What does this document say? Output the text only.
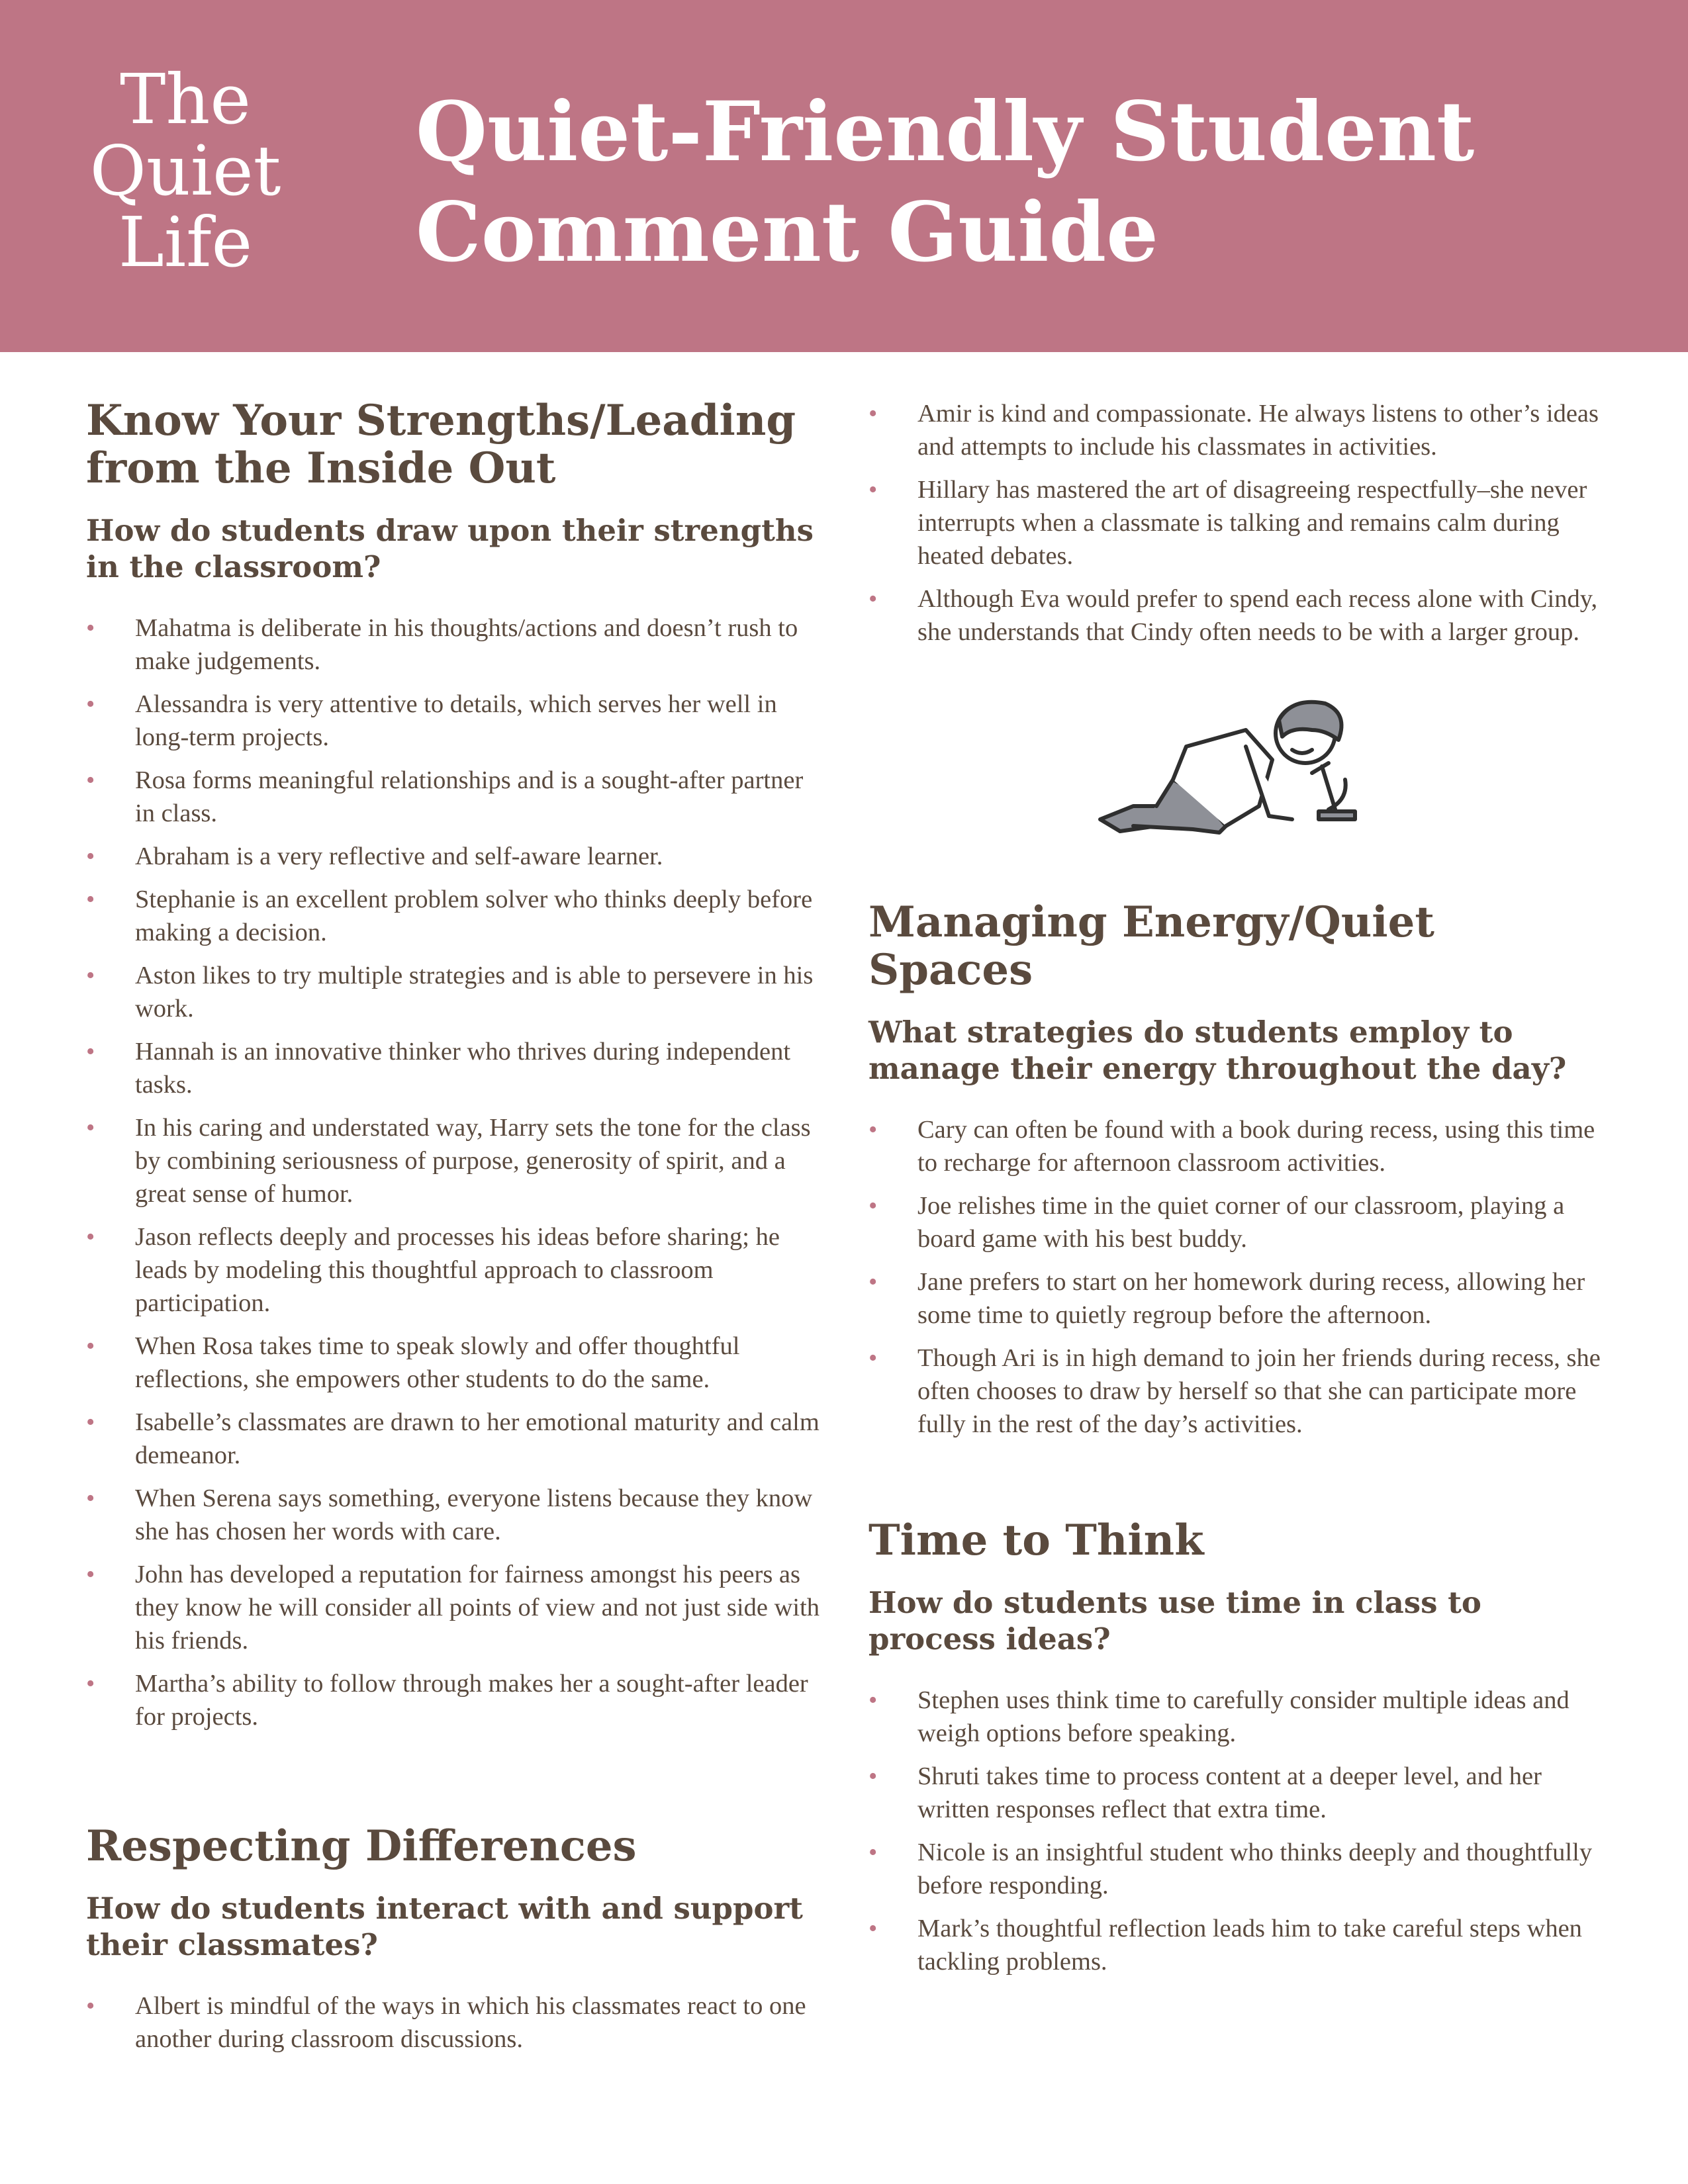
The
Quiet
Life
Quiet-Friendly Student
Comment Guide
Know Your Strengths/Leading from the Inside Out
How do students draw upon their strengths in the classroom?
• Mahatma is deliberate in his thoughts/actions and doesn’t rush to make judgements.
• Alessandra is very attentive to details, which serves her well in long-term projects.
• Rosa forms meaningful relationships and is a sought-after partner in class.
• Abraham is a very reflective and self-aware learner.
• Stephanie is an excellent problem solver who thinks deeply before making a decision.
• Aston likes to try multiple strategies and is able to persevere in his work.
• Hannah is an innovative thinker who thrives during independent tasks.
• In his caring and understated way, Harry sets the tone for the class by combining seriousness of purpose, generosity of spirit, and a great sense of humor.
• Jason reflects deeply and processes his ideas before sharing; he leads by modeling this thoughtful approach to classroom participation.
• When Rosa takes time to speak slowly and offer thoughtful reflections, she empowers other students to do the same.
• Isabelle’s classmates are drawn to her emotional maturity and calm demeanor.
• When Serena says something, everyone listens because they know she has chosen her words with care.
• John has developed a reputation for fairness amongst his peers as they know he will consider all points of view and not just side with his friends.
• Martha’s ability to follow through makes her a sought-after leader for projects.
Respecting Differences
How do students interact with and support their classmates?
• Albert is mindful of the ways in which his classmates react to one another during classroom discussions.
• Amir is kind and compassionate. He always listens to other’s ideas and attempts to include his classmates in activities.
• Hillary has mastered the art of disagreeing respectfully–she never interrupts when a classmate is talking and remains calm during heated debates.
• Although Eva would prefer to spend each recess alone with Cindy, she understands that Cindy often needs to be with a larger group.
Managing Energy/Quiet Spaces
What strategies do students employ to manage their energy throughout the day?
• Cary can often be found with a book during recess, using this time to recharge for afternoon classroom activities.
• Joe relishes time in the quiet corner of our classroom, playing a board game with his best buddy.
• Jane prefers to start on her homework during recess, allowing her some time to quietly regroup before the afternoon.
• Though Ari is in high demand to join her friends during recess, she often chooses to draw by herself so that she can participate more fully in the rest of the day’s activities.
Time to Think
How do students use time in class to process ideas?
• Stephen uses think time to carefully consider multiple ideas and weigh options before speaking.
• Shruti takes time to process content at a deeper level, and her written responses reflect that extra time.
• Nicole is an insightful student who thinks deeply and thoughtfully before responding.
• Mark’s thoughtful reflection leads him to take careful steps when tackling problems.
